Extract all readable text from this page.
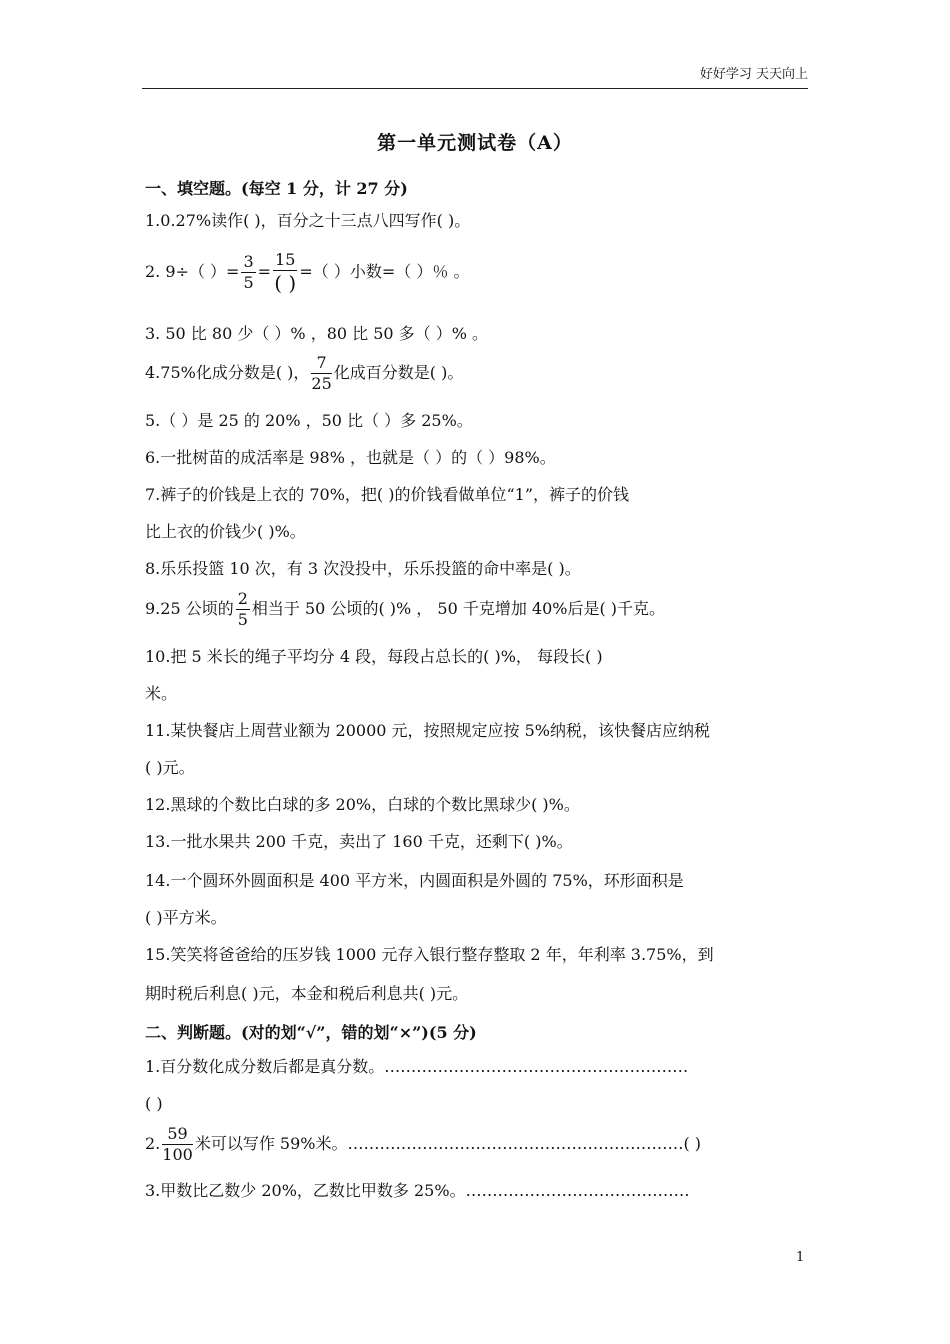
好好学习 天天向上
第一单元测试卷（A）
一、填空题。(每空 1 分，计 27 分)
1.0.27%读作( )，百分之十三点八四写作( )。
2. 9÷（ ）= $\frac{3}{5} = \frac{15}{( )}$ =（ ）小数=（ ）％ 。
3. 50 比 80 少（ ）% ，80 比 50 多（ ）% 。
4.75%化成分数是( )， $\frac{7}{25}$ 化成百分数是( )。
5.（ ）是 25 的 20% ，50 比（ ）多 25%。
6.一批树苗的成活率是 98% ，也就是（ ）的（ ）98%。
7.裤子的价钱是上衣的 70%，把( )的价钱看做单位“1”，裤子的价钱
比上衣的价钱少( )%。
8.乐乐投篮 10 次，有 3 次没投中，乐乐投篮的命中率是( )。
9.25 公顷的 $\frac{2}{5}$ 相当于 50 公顷的( )% ， 50 千克增加 40%后是( )千克。
10.把 5 米长的绳子平均分 4 段，每段占总长的( )%， 每段长( )
米。
11.某快餐店上周营业额为 20000 元，按照规定应按 5%纳税，该快餐店应纳税
( )元。
12.黑球的个数比白球的多 20%，白球的个数比黑球少( )%。
13.一批水果共 200 千克，卖出了 160 千克，还剩下( )%。
14.一个圆环外圆面积是 400 平方米，内圆面积是外圆的 75%，环形面积是
( )平方米。
15.笑笑将爸爸给的压岁钱 1000 元存入银行整存整取 2 年，年利率 3.75%，到
期时税后利息( )元，本金和税后利息共( )元。
二、判断题。(对的划“√”，错的划“×”)(5 分)
1.百分数化成分数后都是真分数。…………………………………………………
( )
2. $\frac{59}{100}$ 米可以写作 59%米。………………………………………………………( )
3.甲数比乙数少 20%，乙数比甲数多 25%。……………………………………
1
